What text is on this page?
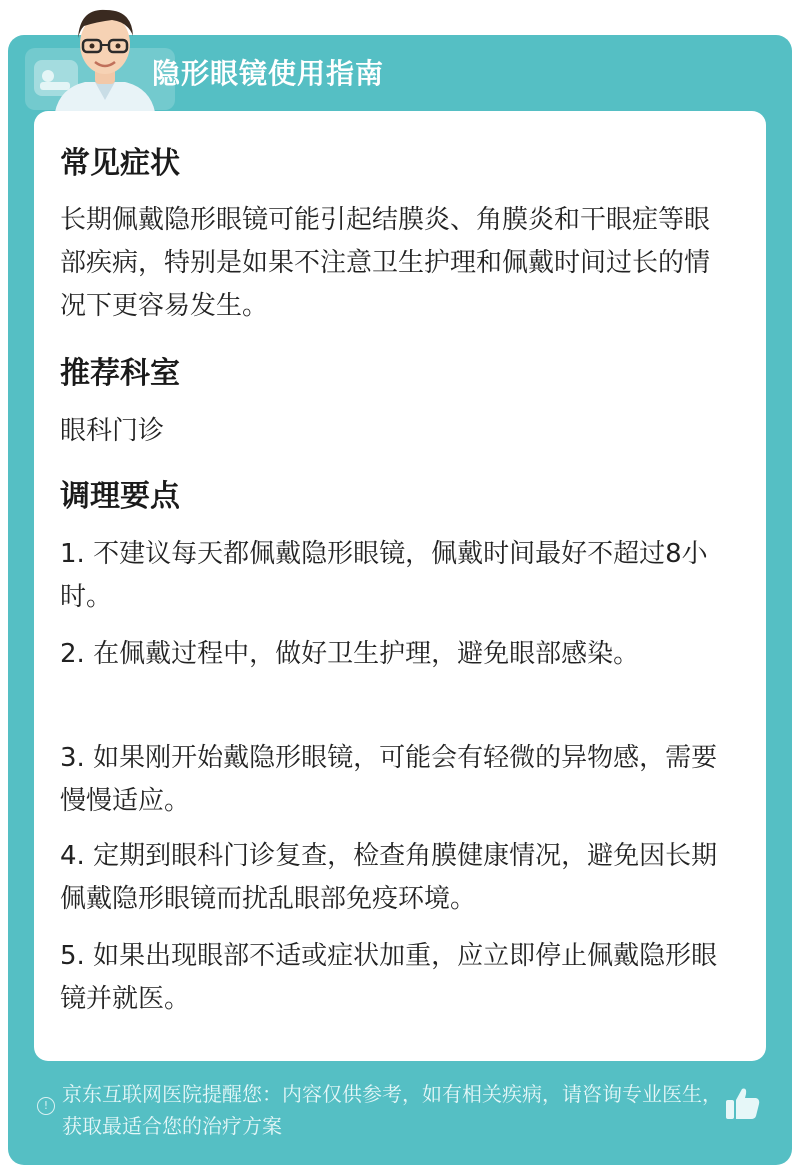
隐形眼镜使用指南
常见症状
长期佩戴隐形眼镜可能引起结膜炎、角膜炎和干眼症等眼部疾病，特别是如果不注意卫生护理和佩戴时间过长的情况下更容易发生。
推荐科室
眼科门诊
调理要点
1. 不建议每天都佩戴隐形眼镜，佩戴时间最好不超过8小时。
2. 在佩戴过程中，做好卫生护理，避免眼部感染。
3. 如果刚开始戴隐形眼镜，可能会有轻微的异物感，需要慢慢适应。
4. 定期到眼科门诊复查，检查角膜健康情况，避免因长期佩戴隐形眼镜而扰乱眼部免疫环境。
5. 如果出现眼部不适或症状加重，应立即停止佩戴隐形眼镜并就医。
! 京东互联网医院提醒您：内容仅供参考，如有相关疾病，请咨询专业医生，获取最适合您的治疗方案
